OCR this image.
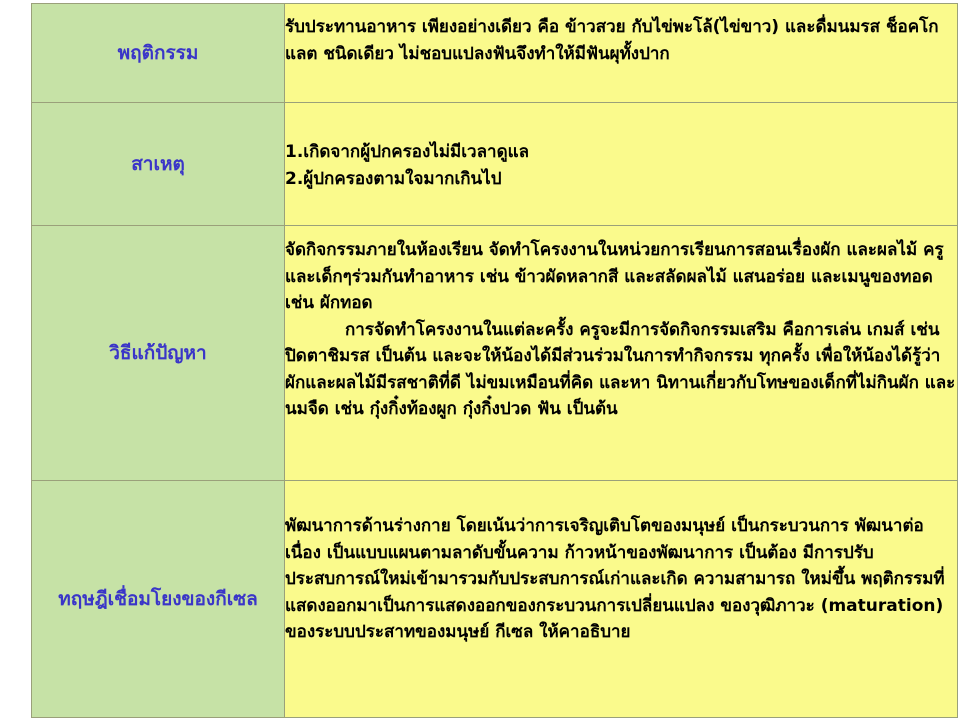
พฤติกรรม	รับประทานอาหาร เพียงอย่างเดียว คือ ข้าวสวย กับไข่พะโล้(ไข่ขาว) และดื่มนมรส ช็อคโกแลต ชนิดเดียว ไม่ชอบแปลงฟันจึงทำให้มีฟันผุทั้งปาก

สาเหตุ	1.เกิดจากผู้ปกครองไม่มีเวลาดูแล
2.ผู้ปกครองตามใจมากเกินไป

วิธีแก้ปัญหา	จัดกิจกรรมภายในห้องเรียน จัดทำโครงงานในหน่วยการเรียนการสอนเรื่องผัก และผลไม้ ครูและเด็กๆร่วมกันทำอาหาร เช่น ข้าวผัดหลากสี และสลัดผลไม้ แสนอร่อย และเมนูของทอด เช่น ผักทอด
การจัดทำโครงงานในแต่ละครั้ง ครูจะมีการจัดกิจกรรมเสริม คือการเล่น เกมส์ เช่น ปิดตาชิมรส เป็นต้น และจะให้น้องได้มีส่วนร่วมในการทำกิจกรรม ทุกครั้ง เพื่อให้น้องได้รู้ว่าผักและผลไม้มีรสชาติที่ดี ไม่ขมเหมือนที่คิด และหา นิทานเกี่ยวกับโทษของเด็กที่ไม่กินผัก และนมจืด เช่น กุ๋งกิ๋งท้องผูก กุ๋งกิ๋งปวด ฟัน เป็นต้น

ทฤษฎีเชื่อมโยงของกีเซล	พัฒนาการด้านร่างกาย โดยเน้นว่าการเจริญเติบโตของมนุษย์ เป็นกระบวนการ พัฒนาต่อเนื่อง เป็นแบบแผนตามลาดับขั้นความ ก้าวหน้าของพัฒนาการ เป็นต้อง มีการปรับประสบการณ์ใหม่เข้ามารวมกับประสบการณ์เก่าและเกิด ความสามารถ ใหม่ขึ้น พฤติกรรมที่แสดงออกมาเป็นการแสดงออกของกระบวนการเปลี่ยนแปลง ของวุฒิภาวะ (maturation) ของระบบประสาทของมนุษย์ กีเซล ให้คาอธิบาย
